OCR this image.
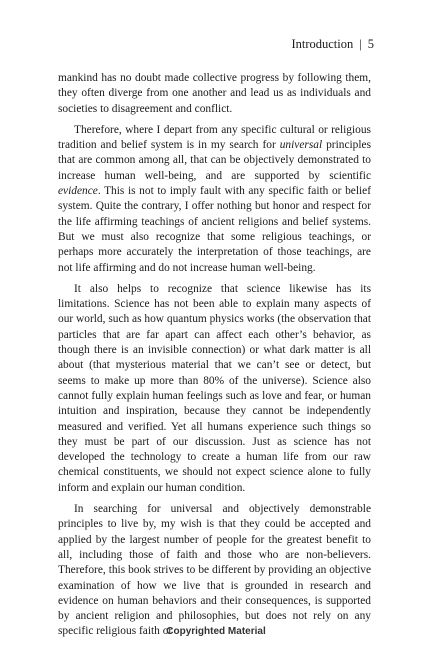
Introduction | 5

mankind has no doubt made collective progress by following them, they often diverge from one another and lead us as individuals and societies to disagreement and conflict.

Therefore, where I depart from any specific cultural or religious tradition and belief system is in my search for universal principles that are common among all, that can be objectively demonstrated to increase human well-being, and are supported by scientific evidence. This is not to imply fault with any specific faith or belief system. Quite the contrary, I offer nothing but honor and respect for the life affirming teachings of ancient religions and belief systems. But we must also recognize that some religious teachings, or perhaps more accurately the interpretation of those teachings, are not life affirming and do not increase human well-being.

It also helps to recognize that science likewise has its limitations. Science has not been able to explain many aspects of our world, such as how quantum physics works (the observation that particles that are far apart can affect each other’s behavior, as though there is an invisible connection) or what dark matter is all about (that mysterious material that we can’t see or detect, but seems to make up more than 80% of the universe). Science also cannot fully explain human feelings such as love and fear, or human intuition and inspiration, because they cannot be independently measured and verified. Yet all humans experience such things so they must be part of our discussion. Just as science has not developed the technology to create a human life from our raw chemical constituents, we should not expect science alone to fully inform and explain our human condition.

In searching for universal and objectively demonstrable principles to live by, my wish is that they could be accepted and applied by the largest number of people for the greatest benefit to all, including those of faith and those who are non-believers. Therefore, this book strives to be different by providing an objective examination of how we live that is grounded in research and evidence on human behaviors and their consequences, is supported by ancient religion and philosophies, but does not rely on any specific religious faith or

Copyrighted Material
